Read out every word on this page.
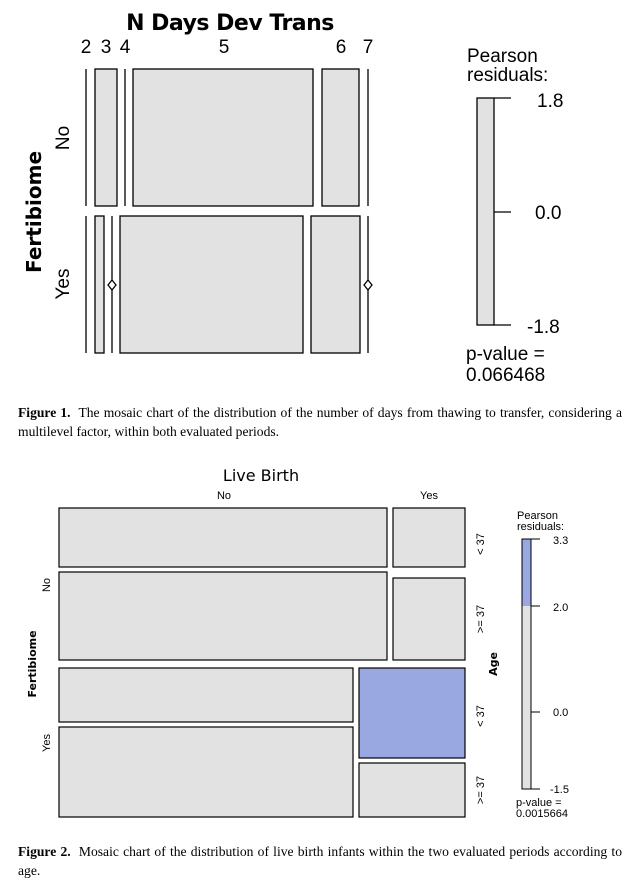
N Days Dev Trans
2 3 4	5	6 7
Fertibiome
No
Yes
Pearson
residuals:
1.8
0.0
-1.8
p-value =
0.066468
Live Birth
No	Yes
Fertibiome
No
Yes
< 37
>= 37
< 37
>= 37
Age
Pearson
residuals:
3.3
2.0
0.0
-1.5
p-value =
0.0015664
Figure 1. The mosaic chart of the distribution of the number of days from thawing to transfer, considering a multilevel factor, within both evaluated periods.
Figure 2. Mosaic chart of the distribution of live birth infants within the two evaluated periods according to age.
